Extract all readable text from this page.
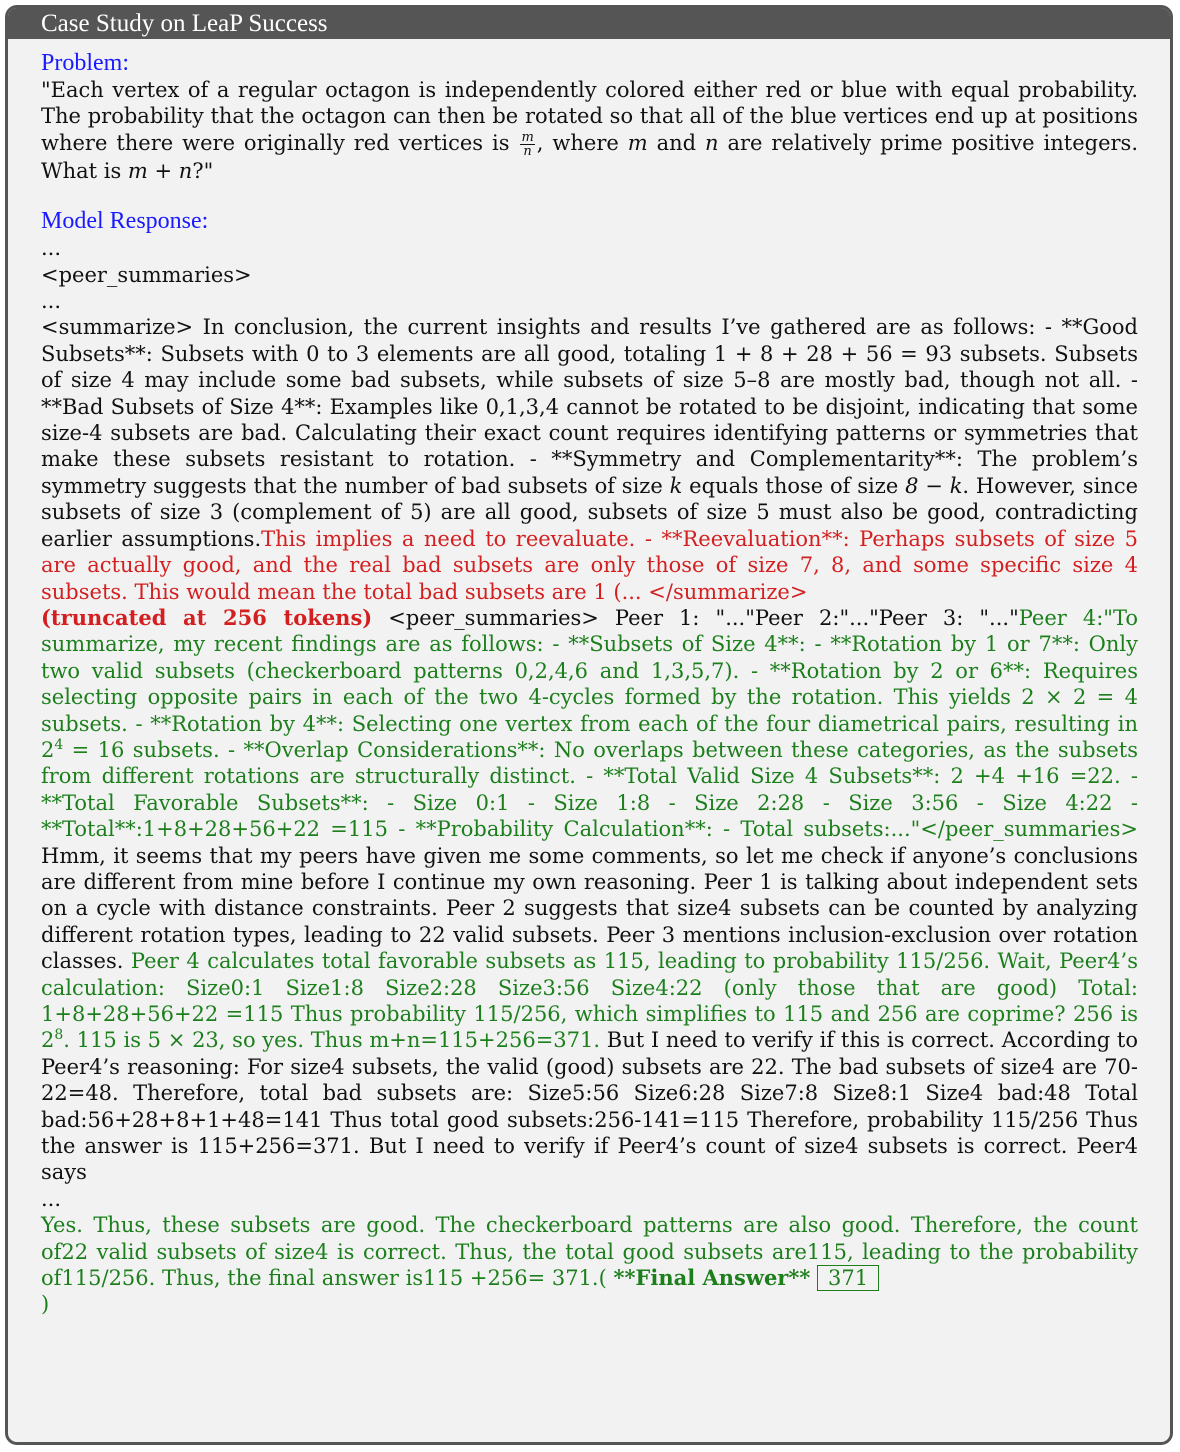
Case Study on LeaP Success

Problem:

"Each vertex of a regular octagon is independently colored either red or blue with equal probability. The probability that the octagon can then be rotated so that all of the blue vertices end up at positions where there were originally red vertices is $\frac{m}{n}$ , where m and n are relatively prime positive integers. What is m + n?"

Model Response:

...

<peer_summaries>

...

<summarize> In conclusion, the current insights and results I’ve gathered are as follows: - **Good Subsets**: Subsets with 0 to 3 elements are all good, totaling 1 + 8 + 28 + 56 = 93 subsets. Subsets of size 4 may include some bad subsets, while subsets of size 5–8 are mostly bad, though not all. - **Bad Subsets of Size 4**: Examples like 0,1,3,4 cannot be rotated to be disjoint, indicating that some size-4 subsets are bad. Calculating their exact count requires identifying patterns or symmetries that make these subsets resistant to rotation. - **Symmetry and Complementarity**: The problem’s symmetry suggests that the number of bad subsets of size k equals those of size 8 − k. However, since subsets of size 3 (complement of 5) are all good, subsets of size 5 must also be good, contradicting earlier assumptions.This implies a need to reevaluate. - **Reevaluation**: Perhaps subsets of size 5 are actually good, and the real bad subsets are only those of size 7, 8, and some specific size 4 subsets. This would mean the total bad subsets are 1 (... </summarize>
(truncated at 256 tokens) <peer_summaries> Peer 1: "..."Peer 2:"..."Peer 3: "..."Peer 4:"To summarize, my recent findings are as follows: - **Subsets of Size 4**: - **Rotation by 1 or 7**: Only two valid subsets (checkerboard patterns 0,2,4,6 and 1,3,5,7). - **Rotation by 2 or 6**: Requires selecting opposite pairs in each of the two 4-cycles formed by the rotation. This yields 2 × 2 = 4 subsets. - **Rotation by 4**: Selecting one vertex from each of the four diametrical pairs, resulting in $2^4 = 16$ subsets. - **Overlap Considerations**: No overlaps between these categories, as the subsets from different rotations are structurally distinct. - **Total Valid Size 4 Subsets**: 2 +4 +16 =22. - **Total Favorable Subsets**: - Size 0:1 - Size 1:8 - Size 2:28 - Size 3:56 - Size 4:22 - **Total**:1+8+28+56+22 =115 - **Probability Calculation**: - Total subsets:..."</peer_summaries> Hmm, it seems that my peers have given me some comments, so let me check if anyone’s conclusions are different from mine before I continue my own reasoning. Peer 1 is talking about independent sets on a cycle with distance constraints. Peer 2 suggests that size4 subsets can be counted by analyzing different rotation types, leading to 22 valid subsets. Peer 3 mentions inclusion-exclusion over rotation classes. Peer 4 calculates total favorable subsets as 115, leading to probability 115/256. Wait, Peer4’s calculation: Size0:1 Size1:8 Size2:28 Size3:56 Size4:22 (only those that are good) Total: 1+8+28+56+22 =115 Thus probability 115/256, which simplifies to 115 and 256 are coprime? 256 is $2^8$. 115 is 5 × 23, so yes. Thus m+n=115+256=371. But I need to verify if this is correct. According to Peer4’s reasoning: For size4 subsets, the valid (good) subsets are 22. The bad subsets of size4 are 70-22=48. Therefore, total bad subsets are: Size5:56 Size6:28 Size7:8 Size8:1 Size4 bad:48 Total bad:56+28+8+1+48=141 Thus total good subsets:256-141=115 Therefore, probability 115/256 Thus the answer is 115+256=371. But I need to verify if Peer4’s count of size4 subsets is correct. Peer4 says

...

Yes. Thus, these subsets are good. The checkerboard patterns are also good. Therefore, the count of22 valid subsets of size4 is correct. Thus, the total good subsets are115, leading to the probability of115/256. Thus, the final answer is115 +256= 371.( **Final Answer** 371
)
